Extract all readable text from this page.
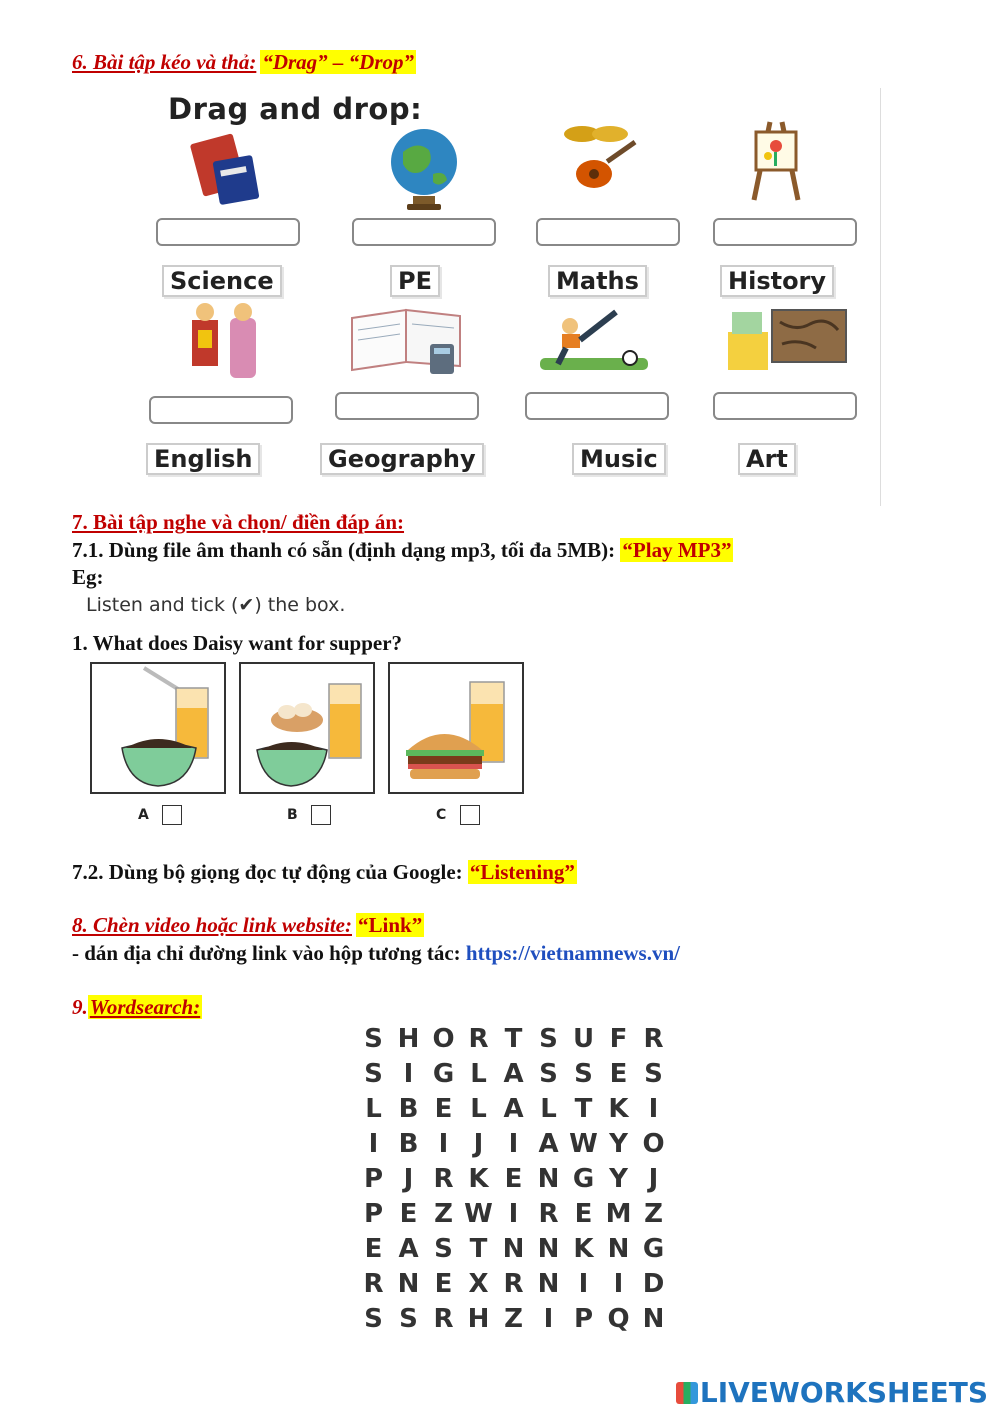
6. Bài tập kéo và thả: “Drag” – “Drop”
Drag and drop:
Science	PE	Maths	History
English	Geography	Music	Art
7. Bài tập nghe và chọn/ điền đáp án:
7.1. Dùng file âm thanh có sẵn (định dạng mp3, tối đa 5MB): “Play MP3”
Eg:
Listen and tick (✔) the box.
1. What does Daisy want for supper?
A	B	C
7.2. Dùng bộ giọng đọc tự động của Google: “Listening”
8. Chèn video hoặc link website: “Link”
- dán địa chỉ đường link vào hộp tương tác: https://vietnamnews.vn/
9.Wordsearch:
S H O R T S U F R
S I G L A S S E S
L B E L A L T K I
I B I J I A W Y O
P J R K E N G Y J
P E Z W I R E M Z
E A S T N N K N G
R N E X R N I I D
S S R H Z I P Q N
LIVEWORKSHEETS
